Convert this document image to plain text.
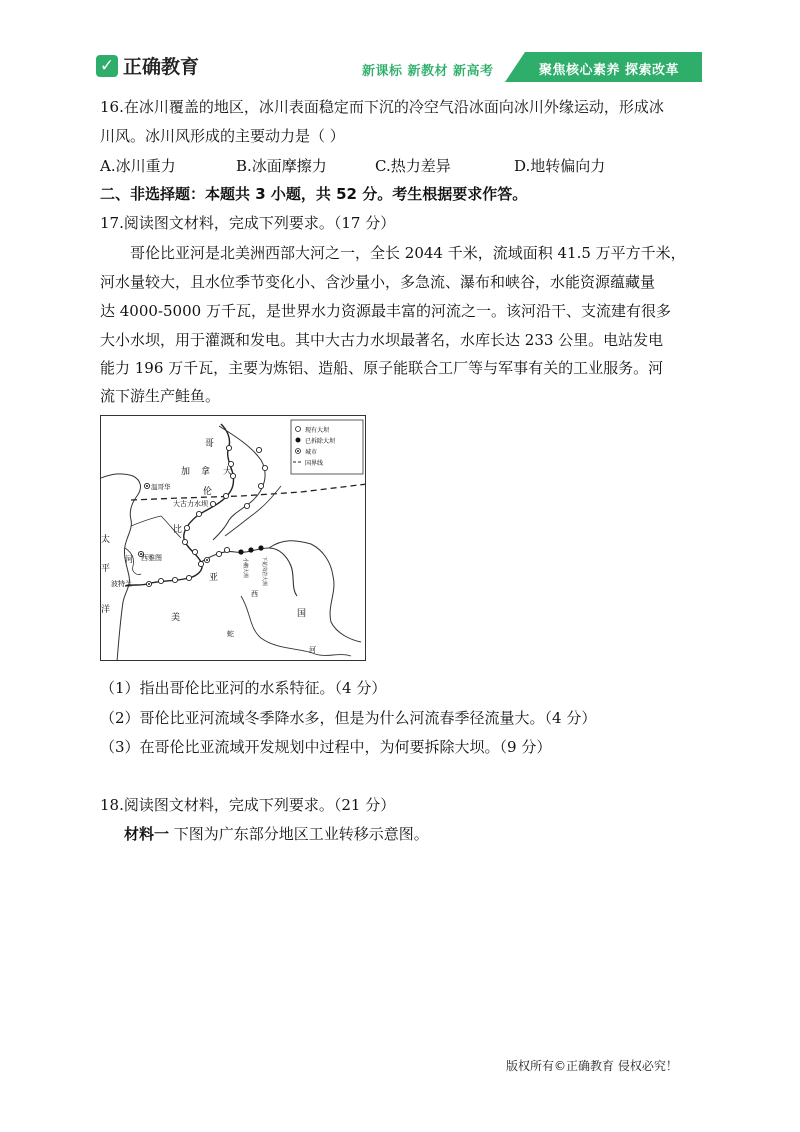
✓ 正确教育	新课标 新教材 新高考	聚焦核心素养 探索改革
16.在冰川覆盖的地区，冰川表面稳定而下沉的冷空气沿冰面向冰川外缘运动，形成冰
川风。冰川风形成的主要动力是（ ）
A.冰川重力	B.冰面摩擦力	C.热力差异	D.地转偏向力
二、非选择题：本题共 3 小题，共 52 分。考生根据要求作答。
17.阅读图文材料，完成下列要求。（17 分）
哥伦比亚河是北美洲西部大河之一，全长 2044 千米，流域面积 41.5 万平方千米，
河水量较大，且水位季节变化小、含沙量小，多急流、瀑布和峡谷，水能资源蕴藏量
达 4000-5000 万千瓦，是世界水力资源最丰富的河流之一。该河沿干、支流建有很多
大小水坝，用于灌溉和发电。其中大古力水坝最著名，水库长达 233 公里。电站发电
能力 196 万千瓦，主要为炼铝、造船、原子能联合工厂等与军事有关的工业服务。河
流下游生产鲑鱼。
现有大坝
已拆除大坝
城市
国界线
哥
加 拿 大
伦
温哥华
大古力水坝
比
亚
太
平
洋
河 西雅图
波特兰
美	国
西
蛇
河
下花岗岩大坝
小鹅大坝
（1）指出哥伦比亚河的水系特征。（4 分）
（2）哥伦比亚河流域冬季降水多，但是为什么河流春季径流量大。（4 分）
（3）在哥伦比亚流域开发规划中过程中，为何要拆除大坝。（9 分）
18.阅读图文材料，完成下列要求。（21 分）
材料一 下图为广东部分地区工业转移示意图。
版权所有©正确教育 侵权必究！
